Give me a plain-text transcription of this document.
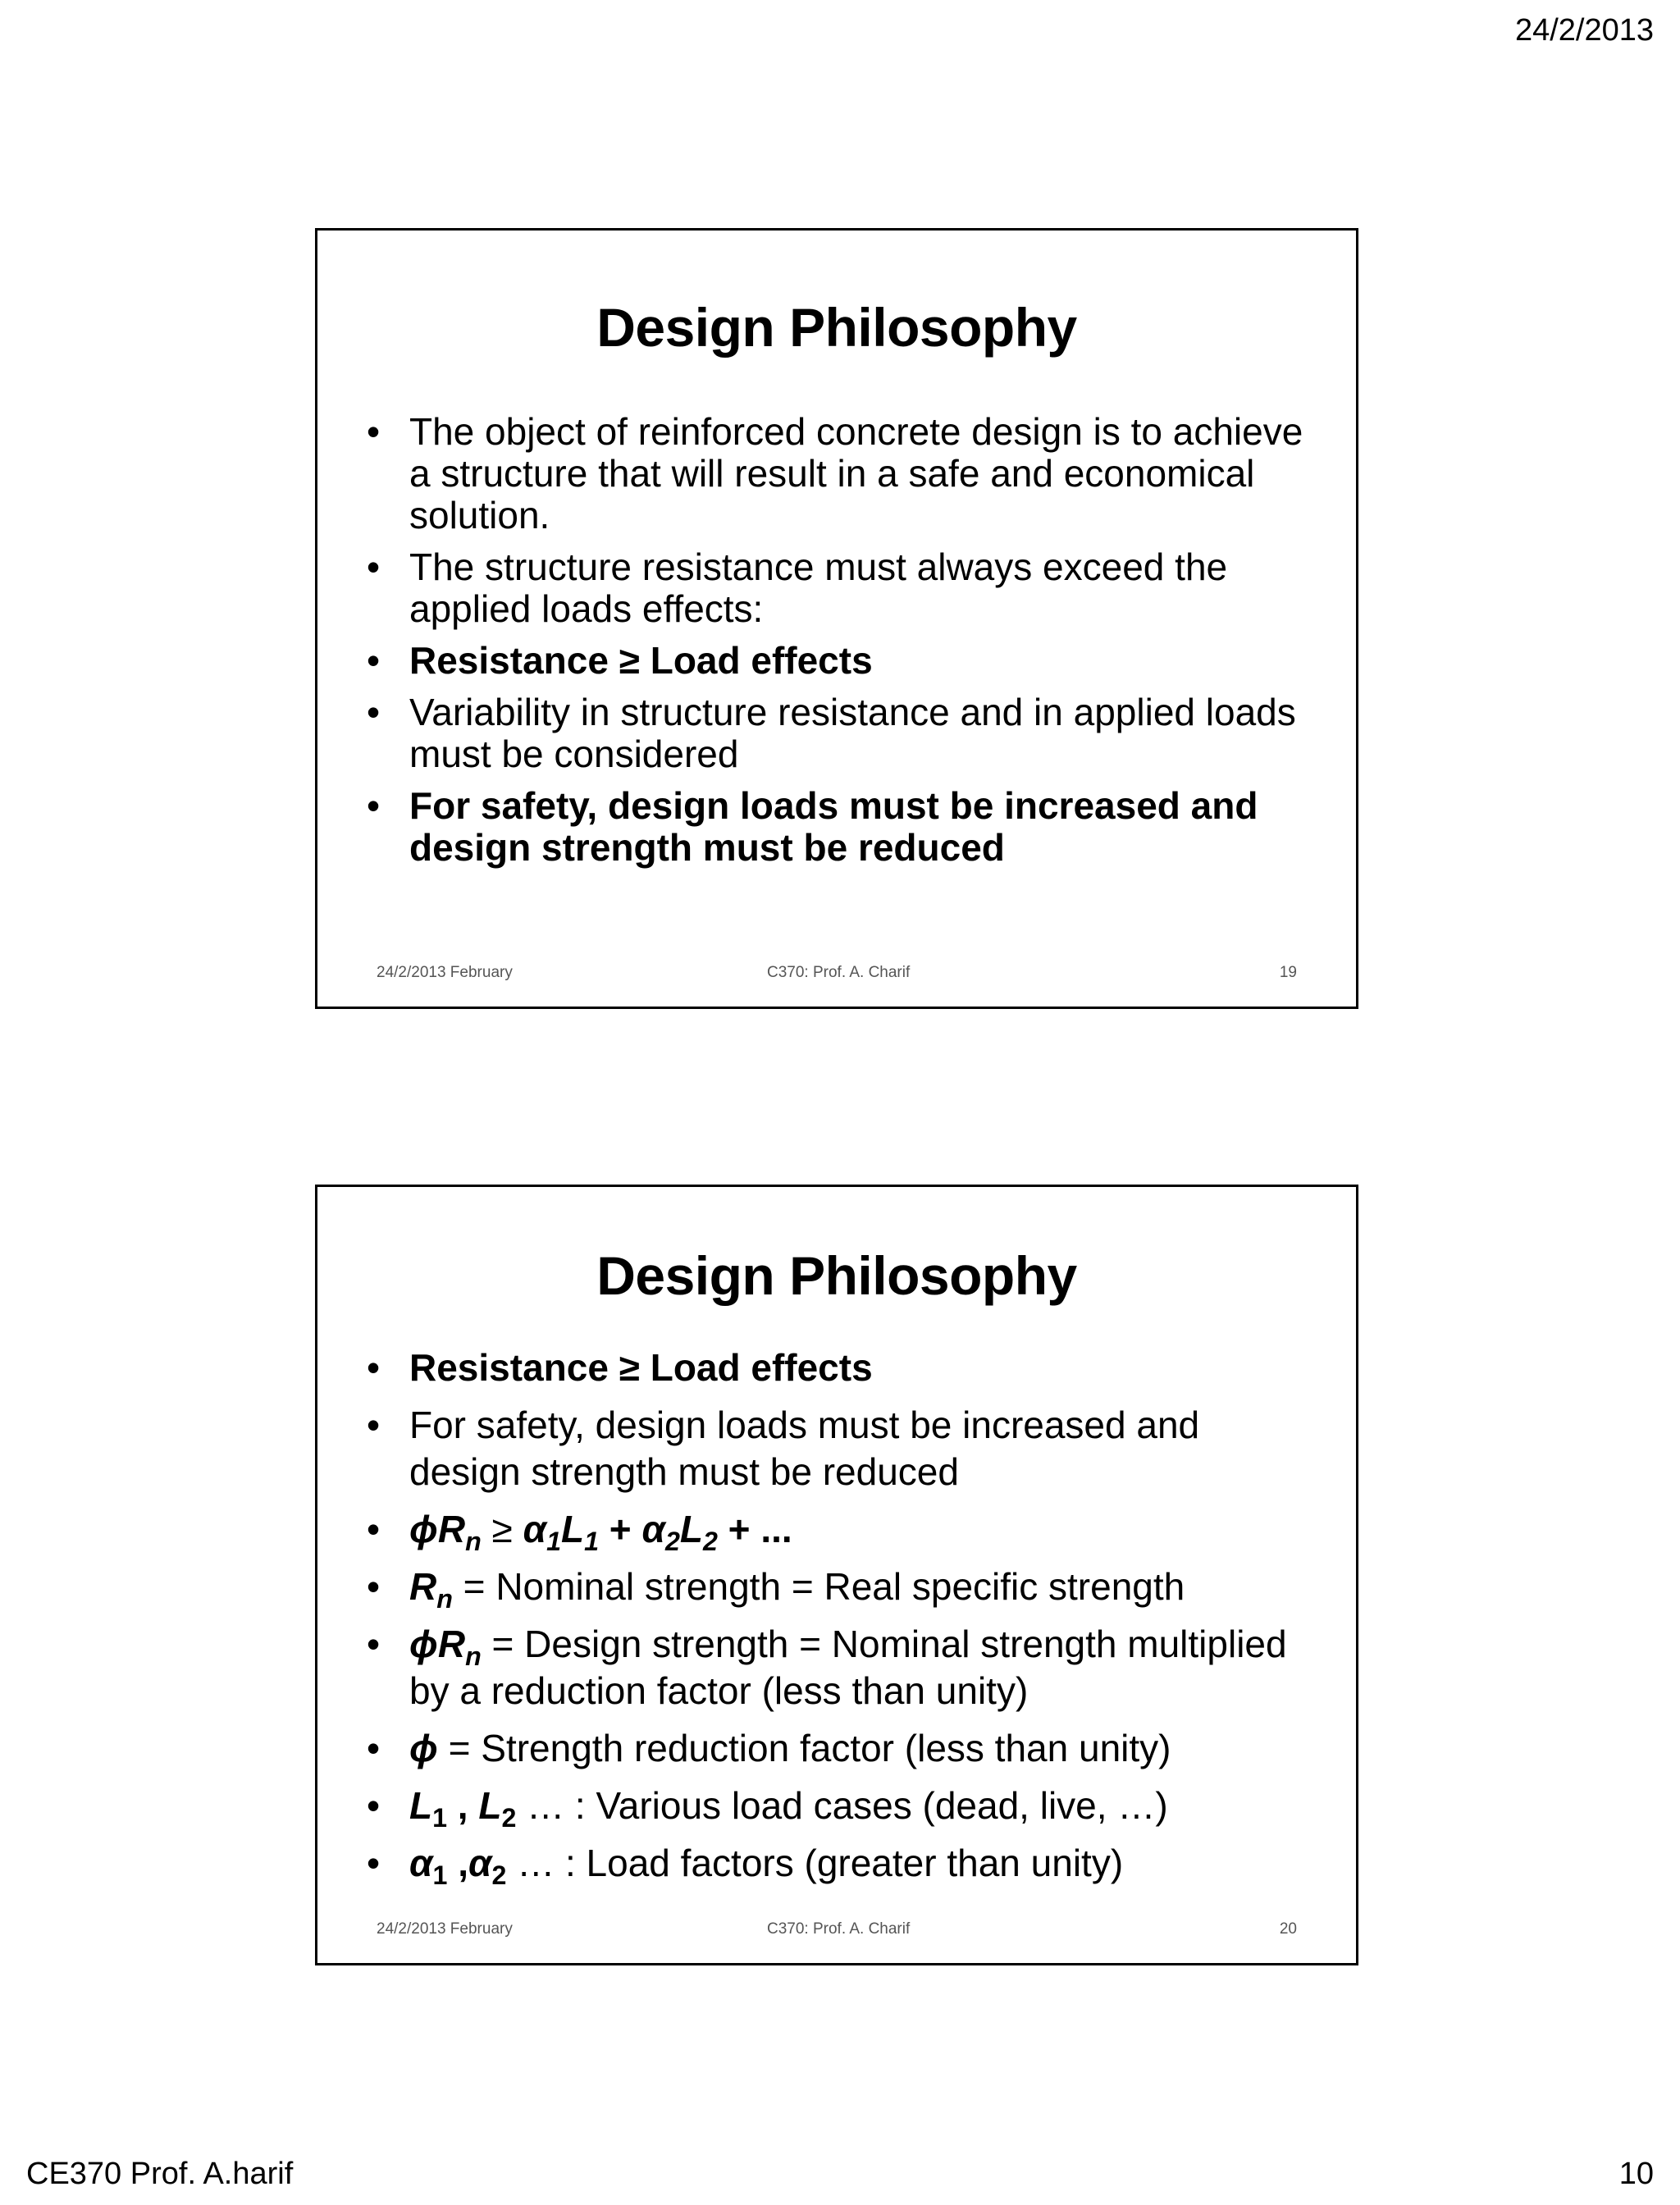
24/2/2013
Design Philosophy
• The object of reinforced concrete design is to achieve a structure that will result in a safe and economical solution.
• The structure resistance must always exceed the applied loads effects:
• Resistance ≥ Load effects
• Variability in structure resistance and in applied loads must be considered
• For safety, design loads must be increased and design strength must be reduced
24/2/2013 February	C370: Prof. A. Charif	19
Design Philosophy
• Resistance ≥ Load effects
• For safety, design loads must be increased and design strength must be reduced
• $\phi R_n \ge \alpha_1L_1 + \alpha_2L_2$ + ...
• $R_n$ = Nominal strength = Real specific strength
• $\phi R_n$ = Design strength = Nominal strength multiplied by a reduction factor (less than unity)
• ϕ = Strength reduction factor (less than unity)
• $L_1$ , $L_2$ … : Various load cases (dead, live, …)
• $\alpha_1$ $,\alpha_2$ … : Load factors (greater than unity)
24/2/2013 February	C370: Prof. A. Charif	20
CE370 Prof. A.harif	10
